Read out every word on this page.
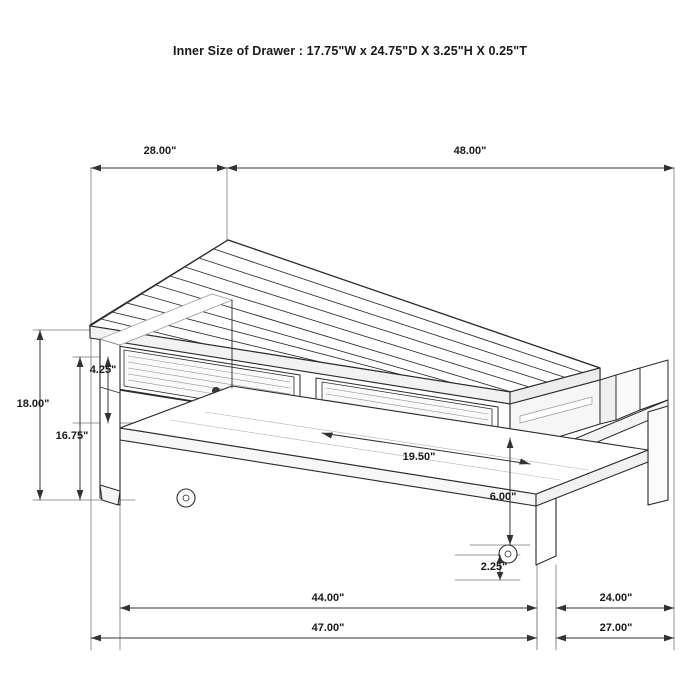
Inner Size of Drawer : 17.75"W x 24.75"D X 3.25"H X 0.25"T
28.00"	48.00"
4.25"
18.00"
16.75"
19.50"
6.00"
2.25"
44.00"	24.00"
47.00"	27.00"
